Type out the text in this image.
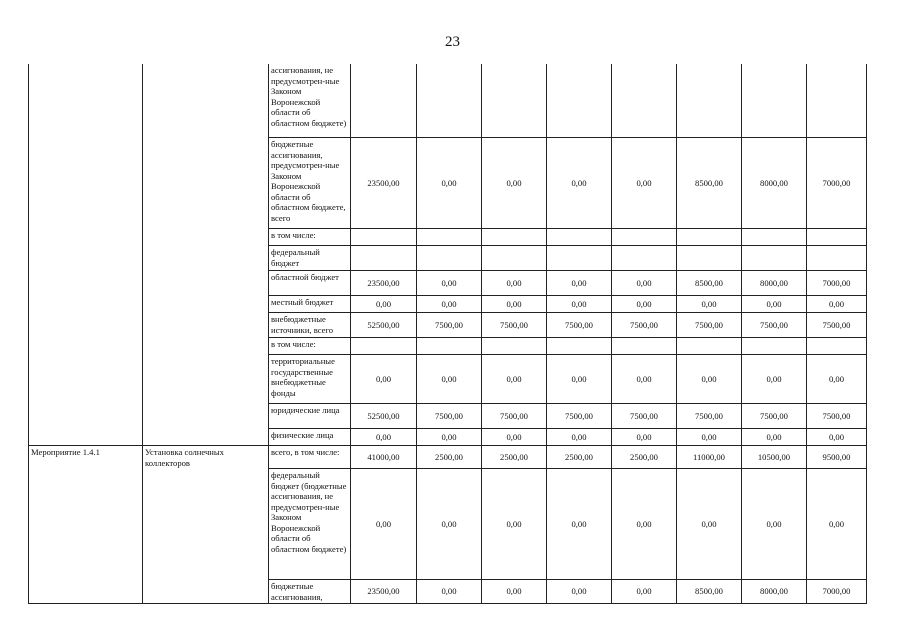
23
		ассигнования, не предусмотрен-ные Законом Воронежской области об областном бюджете)								
		бюджетные ассигнования, предусмотрен-ные Законом Воронежской области об областном бюджете, всего	23500,00	0,00	0,00	0,00	0,00	8500,00	8000,00	7000,00
		в том числе:								
		федеральный бюджет								
		областной бюджет	23500,00	0,00	0,00	0,00	0,00	8500,00	8000,00	7000,00
		местный бюджет	0,00	0,00	0,00	0,00	0,00	0,00	0,00	0,00
		внебюджетные источники, всего	52500,00	7500,00	7500,00	7500,00	7500,00	7500,00	7500,00	7500,00
		в том числе:								
		территориальные государственные внебюджетные фонды	0,00	0,00	0,00	0,00	0,00	0,00	0,00	0,00
		юридические лица	52500,00	7500,00	7500,00	7500,00	7500,00	7500,00	7500,00	7500,00
		физические лица	0,00	0,00	0,00	0,00	0,00	0,00	0,00	0,00
Мероприятие 1.4.1	Установка солнечных коллекторов	всего, в том числе:	41000,00	2500,00	2500,00	2500,00	2500,00	11000,00	10500,00	9500,00
		федеральный бюджет (бюджетные ассигнования, не предусмотрен-ные Законом Воронежской области об областном бюджете)	0,00	0,00	0,00	0,00	0,00	0,00	0,00	0,00
		бюджетные ассигнования,	23500,00	0,00	0,00	0,00	0,00	8500,00	8000,00	7000,00
